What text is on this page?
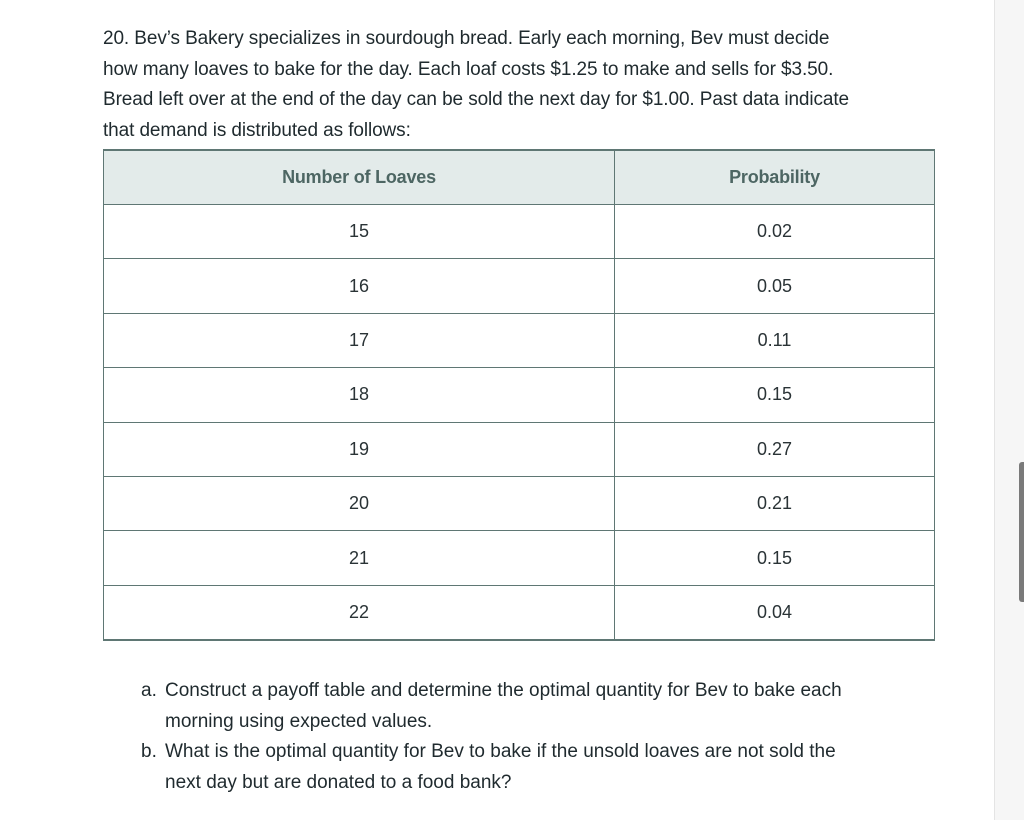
20. Bev’s Bakery specializes in sourdough bread. Early each morning, Bev must decide
how many loaves to bake for the day. Each loaf costs $1.25 to make and sells for $3.50.
Bread left over at the end of the day can be sold the next day for $1.00. Past data indicate
that demand is distributed as follows:

Number of Loaves	Probability
15	0.02
16	0.05
17	0.11
18	0.15
19	0.27
20	0.21
21	0.15
22	0.04

a. Construct a payoff table and determine the optimal quantity for Bev to bake each
morning using expected values.

b. What is the optimal quantity for Bev to bake if the unsold loaves are not sold the
next day but are donated to a food bank?
